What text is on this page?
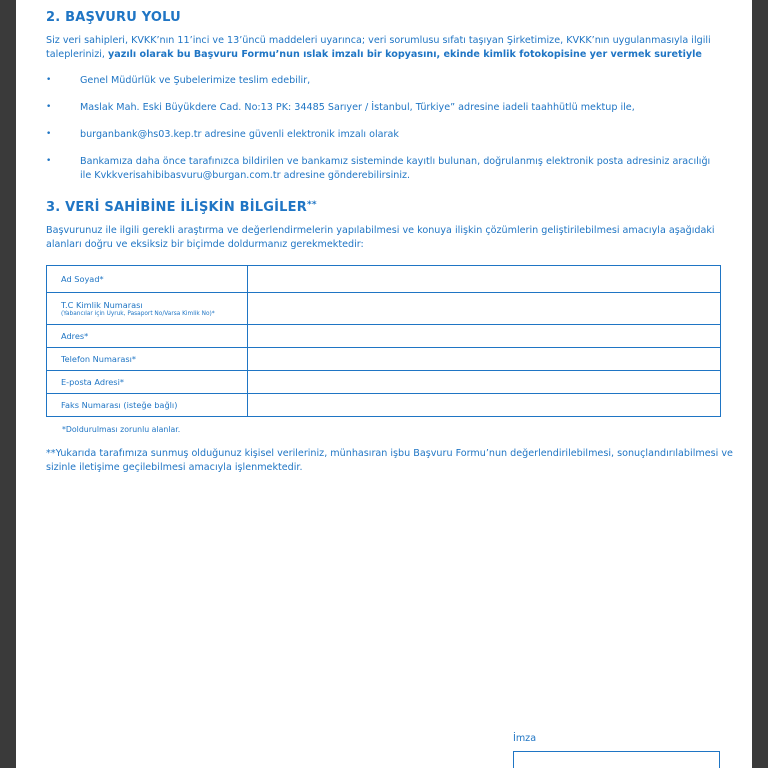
2. BAŞVURU YOLU
Siz veri sahipleri, KVKK’nın 11’inci ve 13’üncü maddeleri uyarınca; veri sorumlusu sıfatı taşıyan Şirketimize, KVKK’nın uygulanmasıyla ilgili taleplerinizi, yazılı olarak bu Başvuru Formu’nun ıslak imzalı bir kopyasını, ekinde kimlik fotokopisine yer vermek suretiyle
•	Genel Müdürlük ve Şubelerimize teslim edebilir,
•	Maslak Mah. Eski Büyükdere Cad. No:13 PK: 34485 Sarıyer / İstanbul, Türkiye” adresine iadeli taahhütlü mektup ile,
•	burganbank@hs03.kep.tr adresine güvenli elektronik imzalı olarak
•	Bankamıza daha önce tarafınızca bildirilen ve bankamız sisteminde kayıtlı bulunan, doğrulanmış elektronik posta adresiniz aracılığı ile Kvkkverisahibibasvuru@burgan.com.tr adresine gönderebilirsiniz.
3. VERİ SAHİBİNE İLİŞKİN BİLGİLER**
Başvurunuz ile ilgili gerekli araştırma ve değerlendirmelerin yapılabilmesi ve konuya ilişkin çözümlerin geliştirilebilmesi amacıyla aşağıdaki alanları doğru ve eksiksiz bir biçimde doldurmanız gerekmektedir:
Ad Soyad*	
T.C Kimlik Numarası
(Yabancılar için Uyruk, Pasaport No/Varsa Kimlik No)*	

Adres*	
Telefon Numarası*	
E-posta Adresi*	
Faks Numarası (isteğe bağlı)	
*Doldurulması zorunlu alanlar.
**Yukarıda tarafımıza sunmuş olduğunuz kişisel verileriniz, münhasıran işbu Başvuru Formu’nun değerlendirilebilmesi, sonuçlandırılabilmesi ve sizinle iletişime geçilebilmesi amacıyla işlenmektedir.
İmza
